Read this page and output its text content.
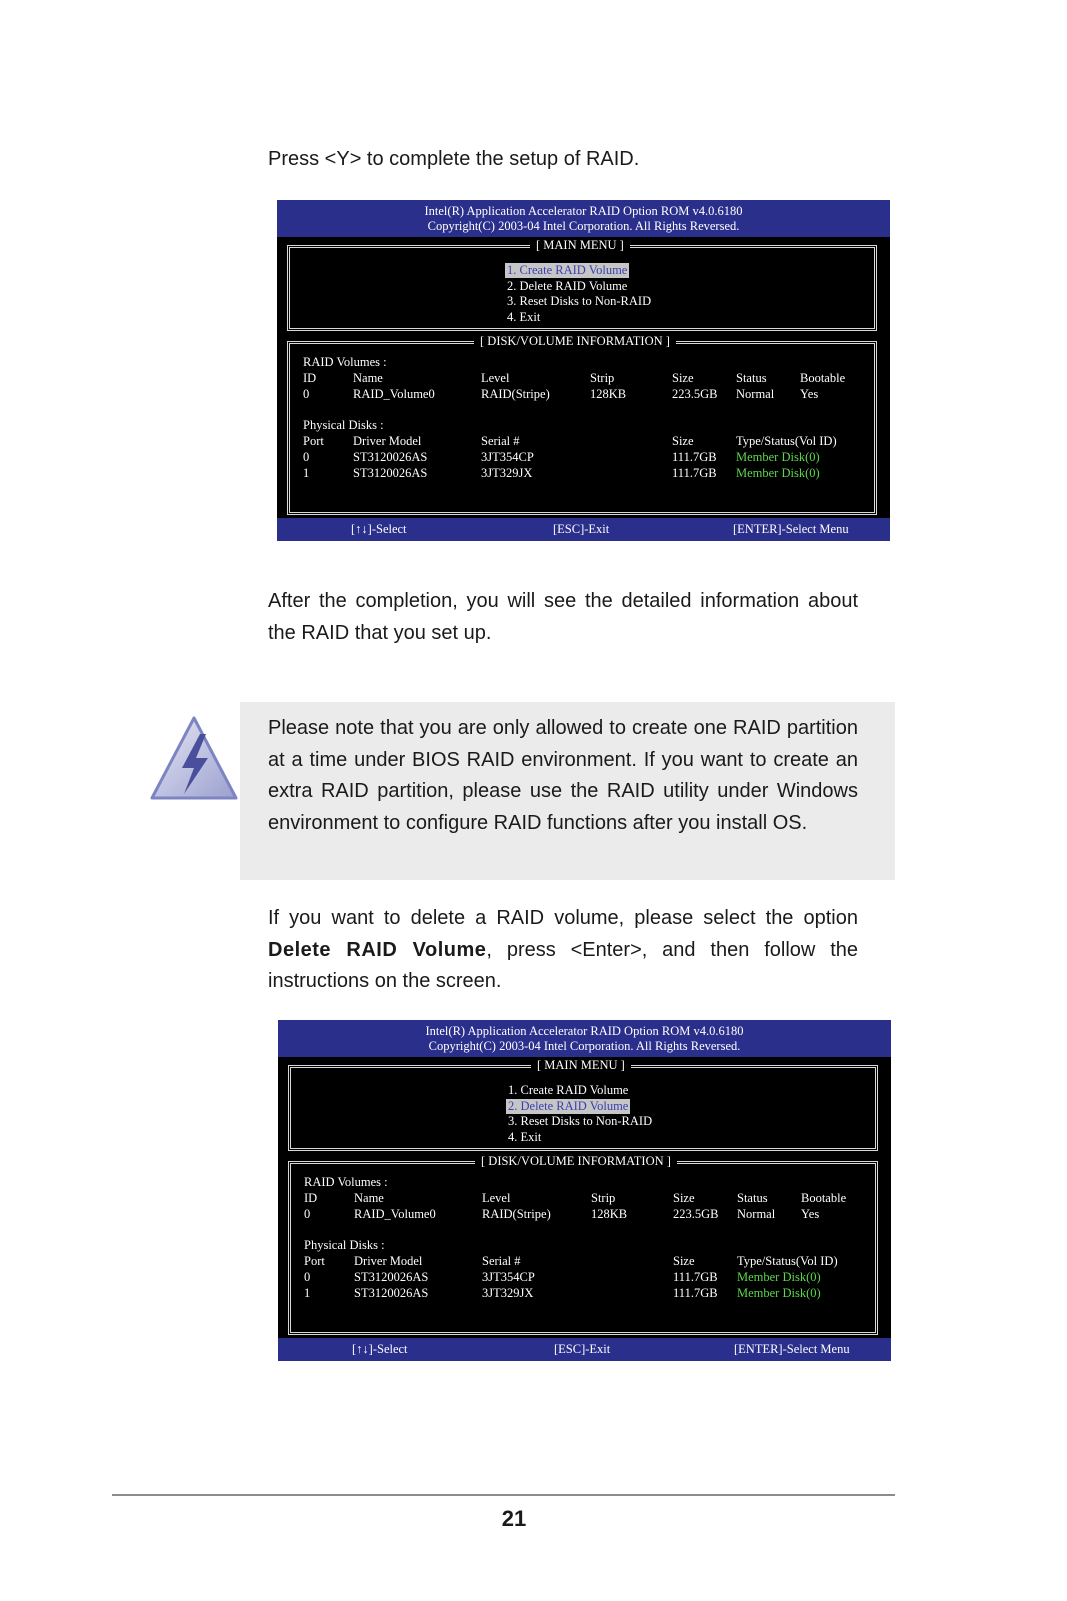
Press <Y> to complete the setup of RAID.

Intel(R) Application Accelerator RAID Option ROM v4.0.6180
Copyright(C) 2003-04 Intel Corporation. All Rights Reversed.
[ MAIN MENU ]
1. Create RAID Volume
2. Delete RAID Volume
3. Reset Disks to Non-RAID
4. Exit
[ DISK/VOLUME INFORMATION ]
RAID Volumes :
ID	Name	Level	Strip	Size	Status	Bootable
0	RAID_Volume0	RAID(Stripe)	128KB	223.5GB Normal Yes
Physical Disks :
Port Driver Model	Serial #	Size	Type/Status(Vol ID)
0	ST3120026AS	3JT354CP	111.7GB Member Disk(0)
1	ST3120026AS	3JT329JX	111.7GB Member Disk(0)
[↑↓]-Select	[ESC]-Exit	[ENTER]-Select Menu

After the completion, you will see the detailed information about the RAID that you set up.

Please note that you are only allowed to create one RAID partition at a time under BIOS RAID environment. If you want to create an extra RAID partition, please use the RAID utility under Windows environment to configure RAID functions after you install OS.

If you want to delete a RAID volume, please select the option Delete RAID Volume, press <Enter>, and then follow the instructions on the screen.

Intel(R) Application Accelerator RAID Option ROM v4.0.6180
Copyright(C) 2003-04 Intel Corporation. All Rights Reversed.
[ MAIN MENU ]
1. Create RAID Volume
2. Delete RAID Volume
3. Reset Disks to Non-RAID
4. Exit
[ DISK/VOLUME INFORMATION ]
RAID Volumes :
ID	Name	Level	Strip	Size	Status	Bootable
0	RAID_Volume0	RAID(Stripe)	128KB	223.5GB Normal Yes
Physical Disks :
Port Driver Model	Serial #	Size	Type/Status(Vol ID)
0	ST3120026AS	3JT354CP	111.7GB Member Disk(0)
1	ST3120026AS	3JT329JX	111.7GB Member Disk(0)
[↑↓]-Select	[ESC]-Exit	[ENTER]-Select Menu
21
